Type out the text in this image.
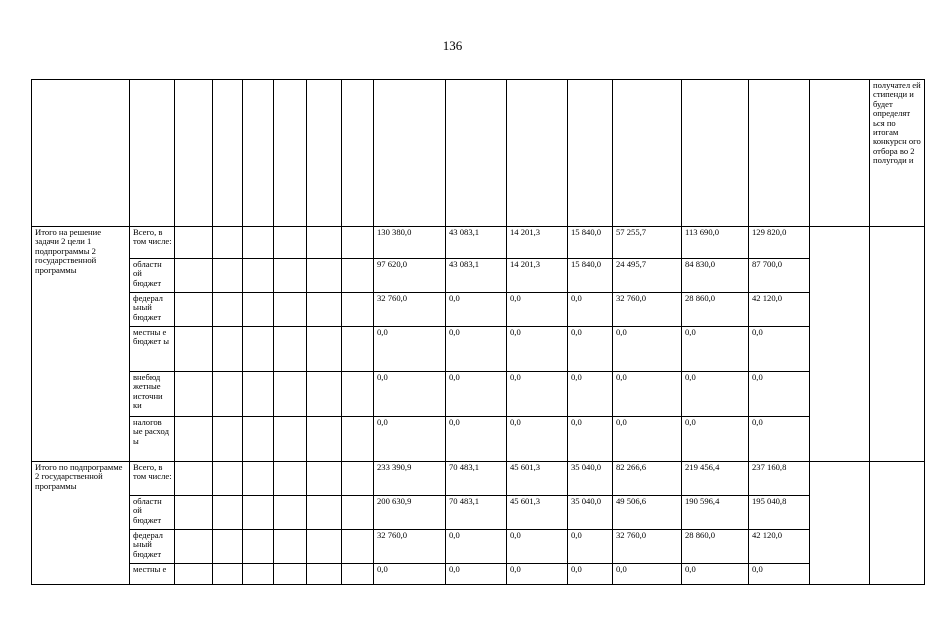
136
																получател ей стипенди и будет определят ься по итогам конкурсн ого отбора во 2 полугоди и
Итого на решение задачи 2 цели 1 подпрограммы 2 государственной программы	Всего, в том числе:							130 380,0	43 083,1	14 201,3	15 840,0	57 255,7	113 690,0	129 820,0		
	областн ой бюджет							97 620,0	43 083,1	14 201,3	15 840,0	24 495,7	84 830,0	87 700,0		
	федерал ьный бюджет							32 760,0	0,0	0,0	0,0	32 760,0	28 860,0	42 120,0		
	местны е бюджет ы							0,0	0,0	0,0	0,0	0,0	0,0	0,0		
	внебюд жетные источни ки							0,0	0,0	0,0	0,0	0,0	0,0	0,0		
	налогов ые расход ы							0,0	0,0	0,0	0,0	0,0	0,0	0,0		
Итого по подпрограмме 2 государственной программы	Всего, в том числе:							233 390,9	70 483,1	45 601,3	35 040,0	82 266,6	219 456,4	237 160,8		
	областн ой бюджет							200 630,9	70 483,1	45 601,3	35 040,0	49 506,6	190 596,4	195 040,8		
	федерал ьный бюджет							32 760,0	0,0	0,0	0,0	32 760,0	28 860,0	42 120,0		
	местны е							0,0	0,0	0,0	0,0	0,0	0,0	0,0		
